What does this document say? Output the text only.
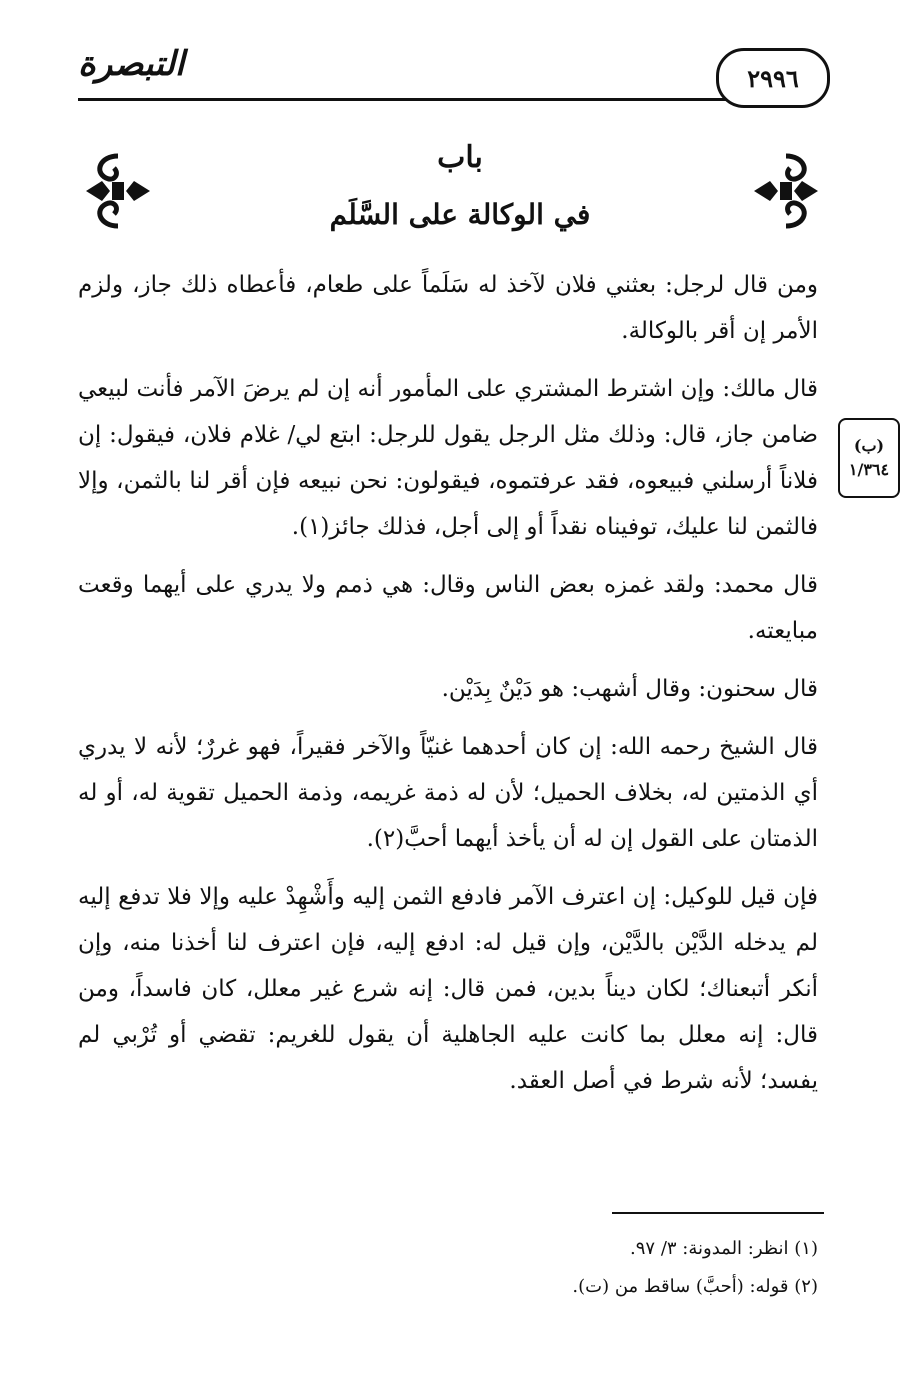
التبصرة	٢٩٩٦
باب
في الوكالة على السَّلَم

ومن قال لرجل: بعثني فلان لآخذ له سَلَماً على طعام، فأعطاه ذلك جاز، ولزم الأمر إن أقر بالوكالة.

قال مالك: وإن اشترط المشتري على المأمور أنه إن لم يرضَ الآمر فأنت لبيعي ضامن جاز، قال: وذلك مثل الرجل يقول للرجل: ابتع لي/ غلام فلان، فيقول: إن فلاناً أرسلني فبيعوه، فقد عرفتموه، فيقولون: نحن نبيعه فإن أقر لنا بالثمن، وإلا فالثمن لنا عليك، توفيناه نقداً أو إلى أجل، فذلك جائز(١).

قال محمد: ولقد غمزه بعض الناس وقال: هي ذمم ولا يدري على أيهما وقعت مبايعته.

قال سحنون: وقال أشهب: هو دَيْنٌ بِدَيْن.

قال الشيخ رحمه الله: إن كان أحدهما غنيّاً والآخر فقيراً، فهو غررٌ؛ لأنه لا يدري أي الذمتين له، بخلاف الحميل؛ لأن له ذمة غريمه، وذمة الحميل تقوية له، أو له الذمتان على القول إن له أن يأخذ أيهما أحبَّ(٢).

فإن قيل للوكيل: إن اعترف الآمر فادفع الثمن إليه وأَشْهِدْ عليه وإلا فلا تدفع إليه لم يدخله الدَّيْن بالدَّيْن، وإن قيل له: ادفع إليه، فإن اعترف لنا أخذنا منه، وإن أنكر أتبعناك؛ لكان ديناً بدين، فمن قال: إنه شرع غير معلل، كان فاسداً، ومن قال: إنه معلل بما كانت عليه الجاهلية أن يقول للغريم: تقضي أو تُرْبي لم يفسد؛ لأنه شرط في أصل العقد.

(ب)
١/٣٦٤
(١) انظر: المدونة: ٣/ ٩٧.
(٢) قوله: (أحبَّ) ساقط من (ت).
